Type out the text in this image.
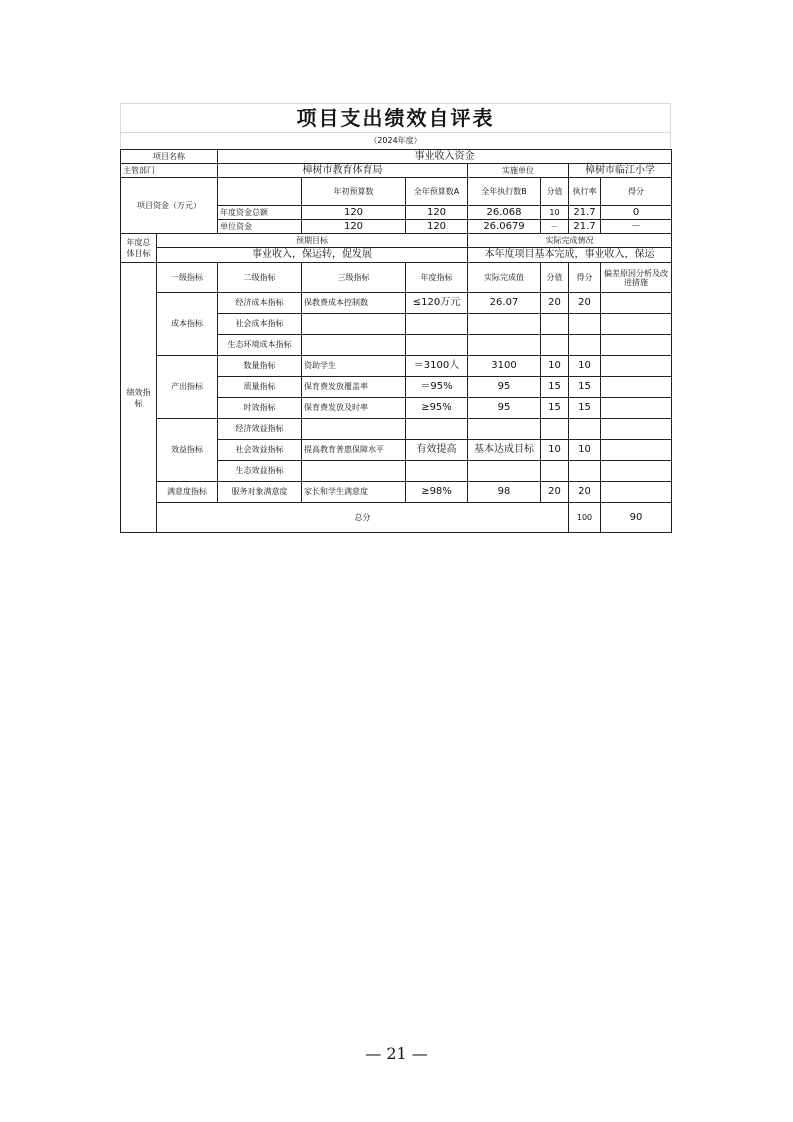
项目支出绩效自评表
（2024年度）
项目名称		事业收入资金							
主管部门		樟树市教育体育局			实施单位		樟树市临江小学		
项目资金（万元）			年初预算数	全年预算数A	全年执行数B	分值	执行率	得分	
		年度资金总额	120	120	26.068	10	21.7	0	
		单位资金	120	120	26.0679	－	21.7	－	
年度总体目标	预期目标				实际完成情况				
	事业收入，保运转，促发展				本年度项目基本完成，事业收入，保运				
绩效指标	一级指标	二级指标	三级指标	年度指标	实际完成值	分值	得分	偏差原因分析及改进措施	
	成本指标	经济成本指标	保教费成本控制数	≤120万元	26.07	20	20		
		社会成本指标							
		生态环境成本指标							
	产出指标	数量指标	资助学生	＝3100人	3100	10	10		
		质量指标	保育费发放覆盖率	＝95%	95	15	15		
		时效指标	保育费发放及时率	≥95%	95	15	15		
	效益指标	经济效益指标							
		社会效益指标	提高教育普惠保障水平	有效提高	基本达成目标	10	10		
		生态效益指标							
	满意度指标	服务对象满意度	家长和学生满意度	≥98%	98	20	20		
	总分						100	90	
— 21 —
